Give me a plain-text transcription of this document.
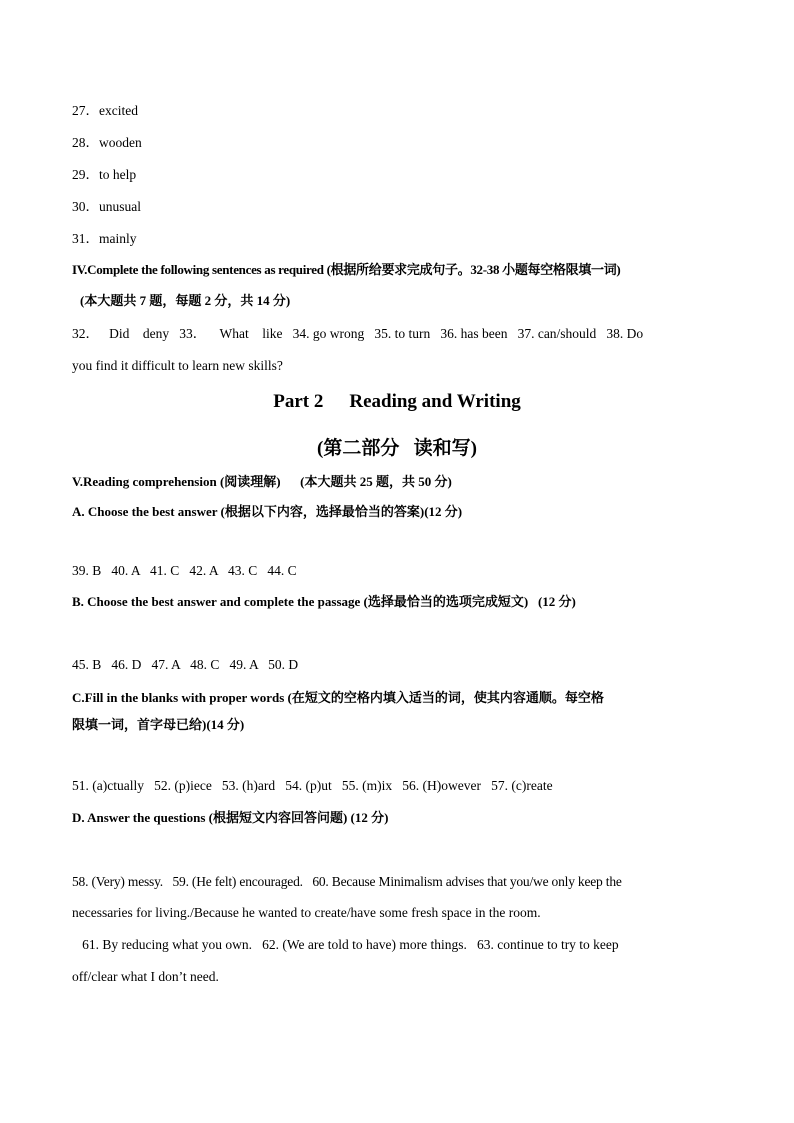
27．excited
28．wooden
29．to help
30．unusual
31．mainly
IV.Complete the following sentences as required (根据所给要求完成句子。32-38 小题每空格限填一词)
(本大题共 7 题，每题 2 分，共 14 分)
32．   Did    deny   33．    What    like   34. go wrong   35. to turn   36. has been   37. can/should   38. Do
you find it difficult to learn new skills?
Part 2 Reading and Writing
(第二部分   读和写)
V.Reading comprehension (阅读理解)      (本大题共 25 题，共 50 分)
A. Choose the best answer (根据以下内容，选择最恰当的答案)(12 分)
39. B   40. A   41. C   42. A   43. C   44. C
B. Choose the best answer and complete the passage (选择最恰当的选项完成短文)   (12 分)
45. B   46. D   47. A   48. C   49. A   50. D
C.Fill in the blanks with proper words (在短文的空格内填入适当的词，使其内容通顺。每空格
限填一词，首字母已给)(14 分)
51. (a)ctually   52. (p)iece   53. (h)ard   54. (p)ut   55. (m)ix   56. (H)owever   57. (c)reate
D. Answer the questions (根据短文内容回答问题) (12 分)
58. (Very) messy.   59. (He felt) encouraged.   60. Because Minimalism advises that you/we only keep the
necessaries for living./Because he wanted to create/have some fresh space in the room.
61. By reducing what you own.   62. (We are told to have) more things.   63. continue to try to keep
off/clear what I don’t need.
